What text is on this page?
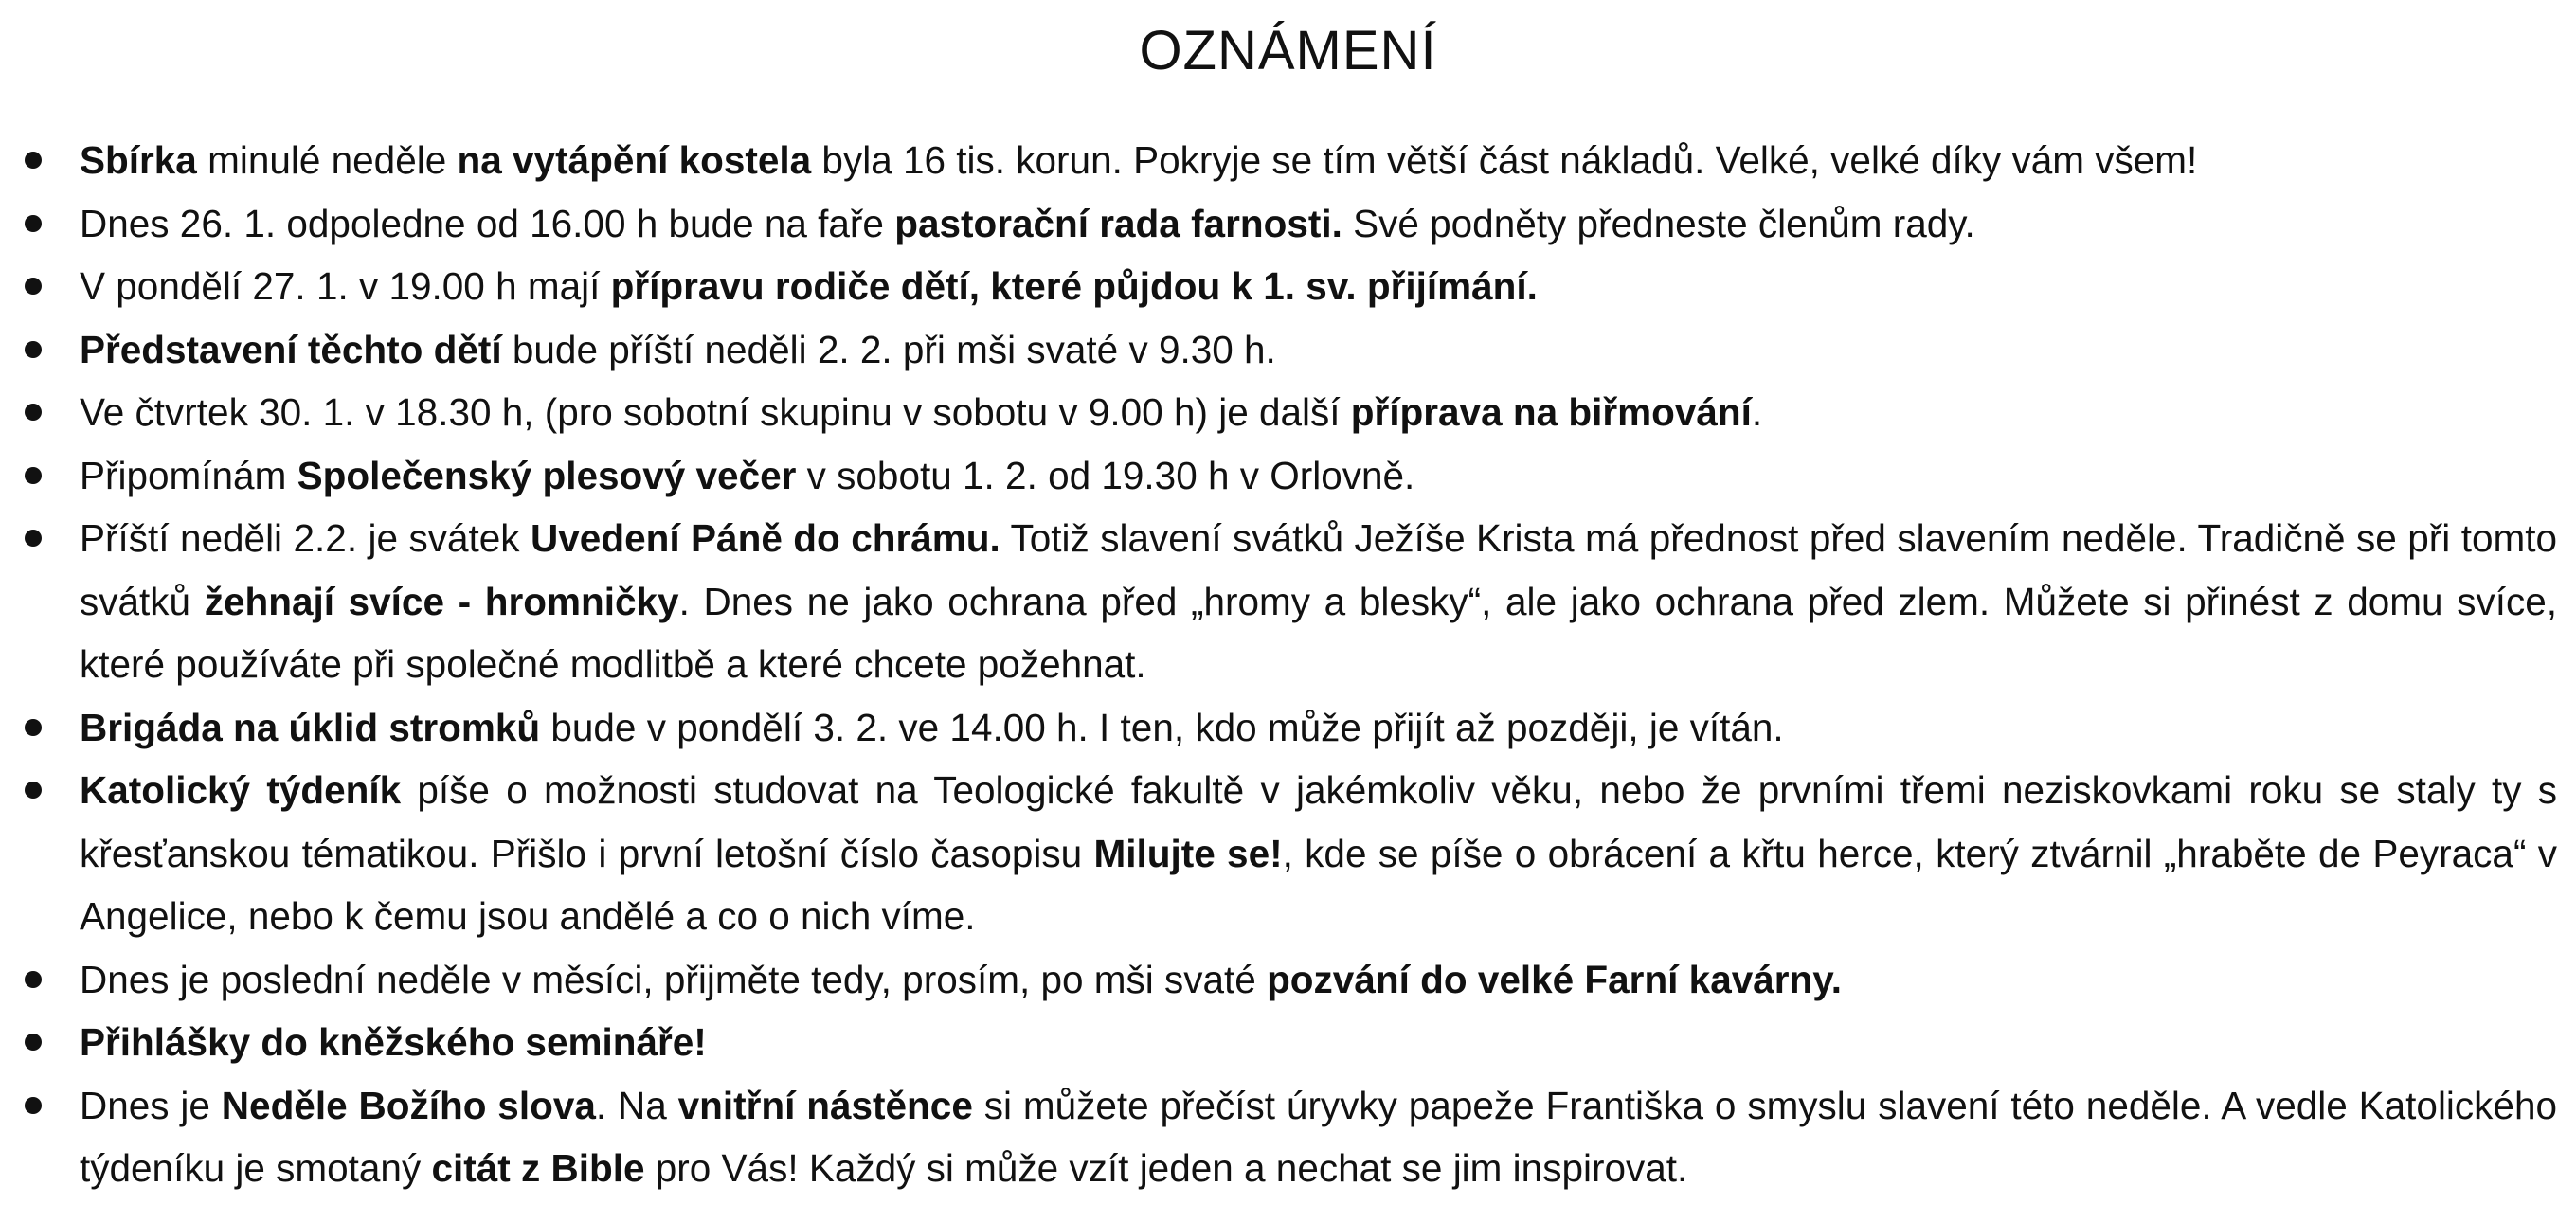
OZNÁMENÍ
Sbírka minulé neděle na vytápění kostela byla 16 tis. korun. Pokryje se tím větší část nákladů. Velké, velké díky vám všem!
Dnes 26. 1. odpoledne od 16.00 h bude na faře pastorační rada farnosti. Své podněty předneste členům rady.
V pondělí 27. 1. v 19.00 h mají přípravu rodiče dětí, které půjdou k 1. sv. přijímání.
Představení těchto dětí bude příští neděli 2. 2. při mši svaté v 9.30 h.
Ve čtvrtek 30. 1. v 18.30 h, (pro sobotní skupinu v sobotu v 9.00 h) je další příprava na biřmování.
Připomínám Společenský plesový večer v sobotu 1. 2. od 19.30 h v Orlovně.
Příští neděli 2.2. je svátek Uvedení Páně do chrámu. Totiž slavení svátků Ježíše Krista má přednost před slavením neděle. Tradičně se při tomto svátků žehnají svíce - hromničky. Dnes ne jako ochrana před „hromy a blesky“, ale jako ochrana před zlem. Můžete si přinést z domu svíce, které používáte při společné modlitbě a které chcete požehnat.
Brigáda na úklid stromků bude v pondělí 3. 2. ve 14.00 h. I ten, kdo může přijít až později, je vítán.
Katolický týdeník píše o možnosti studovat na Teologické fakultě v jakémkoliv věku, nebo že prvními třemi neziskovkami roku se staly ty s křesťanskou tématikou. Přišlo i první letošní číslo časopisu Milujte se!, kde se píše o obrácení a křtu herce, který ztvárnil „hraběte de Peyraca“ v Angelice, nebo k čemu jsou andělé a co o nich víme.
Dnes je poslední neděle v měsíci, přijměte tedy, prosím, po mši svaté pozvání do velké Farní kavárny.
Přihlášky do kněžského semináře!
Dnes je Neděle Božího slova. Na vnitřní nástěnce si můžete přečíst úryvky papeže Františka o smyslu slavení této neděle. A vedle Katolického týdeníku je smotaný citát z Bible pro Vás! Každý si může vzít jeden a nechat se jim inspirovat.
